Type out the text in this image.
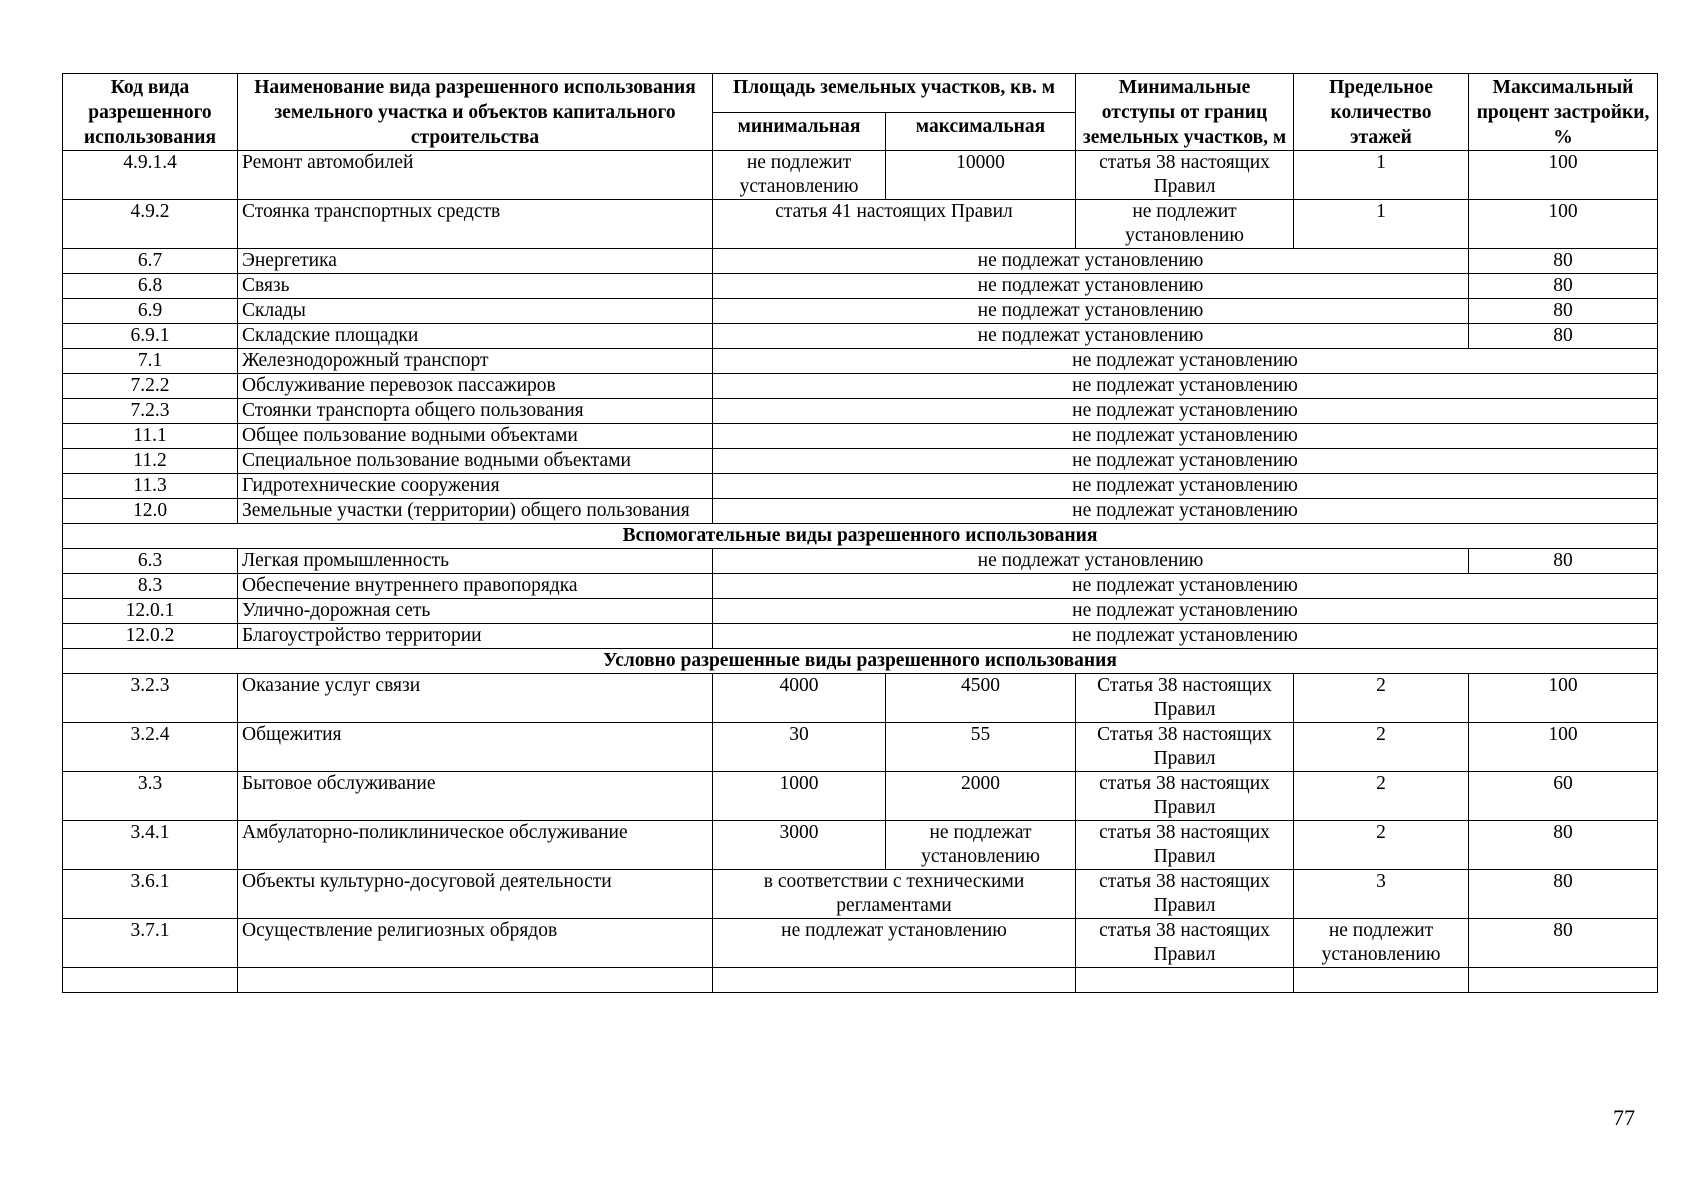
Код вида разрешенного использования	Наименование вида разрешенного использования земельного участка и объектов капитального строительства	Площадь земельных участков, кв. м		Минимальные отступы от границ земельных участков, м	Предельное количество этажей	Максимальный процент застройки, %
		минимальная	максимальная			
4.9.1.4	Ремонт автомобилей	не подлежит установлению	10000	статья 38 настоящих Правил	1	100
4.9.2	Стоянка транспортных средств	статья 41 настоящих Правил		не подлежит установлению	1	100
6.7	Энергетика	не подлежат установлению				80
6.8	Связь	не подлежат установлению				80
6.9	Склады	не подлежат установлению				80
6.9.1	Складские площадки	не подлежат установлению				80
7.1	Железнодорожный транспорт	не подлежат установлению				
7.2.2	Обслуживание перевозок пассажиров	не подлежат установлению				
7.2.3	Стоянки транспорта общего пользования	не подлежат установлению				
11.1	Общее пользование водными объектами	не подлежат установлению				
11.2	Специальное пользование водными объектами	не подлежат установлению				
11.3	Гидротехнические сооружения	не подлежат установлению				
12.0	Земельные участки (территории) общего пользования	не подлежат установлению				
Вспомогательные виды разрешенного использования						
6.3	Легкая промышленность	не подлежат установлению				80
8.3	Обеспечение внутреннего правопорядка	не подлежат установлению				
12.0.1	Улично-дорожная сеть	не подлежат установлению				
12.0.2	Благоустройство территории	не подлежат установлению				
Условно разрешенные виды разрешенного использования						
3.2.3	Оказание услуг связи	4000	4500	Статья 38 настоящих Правил	2	100
3.2.4	Общежития	30	55	Статья 38 настоящих Правил	2	100
3.3	Бытовое обслуживание	1000	2000	статья 38 настоящих Правил	2	60
3.4.1	Амбулаторно-поликлиническое обслуживание	3000	не подлежат установлению	статья 38 настоящих Правил	2	80
3.6.1	Объекты культурно-досуговой деятельности	в соответствии с техническими регламентами		статья 38 настоящих Правил	3	80
3.7.1	Осуществление религиозных обрядов	не подлежат установлению		статья 38 настоящих Правил	не подлежит установлению	80

77
